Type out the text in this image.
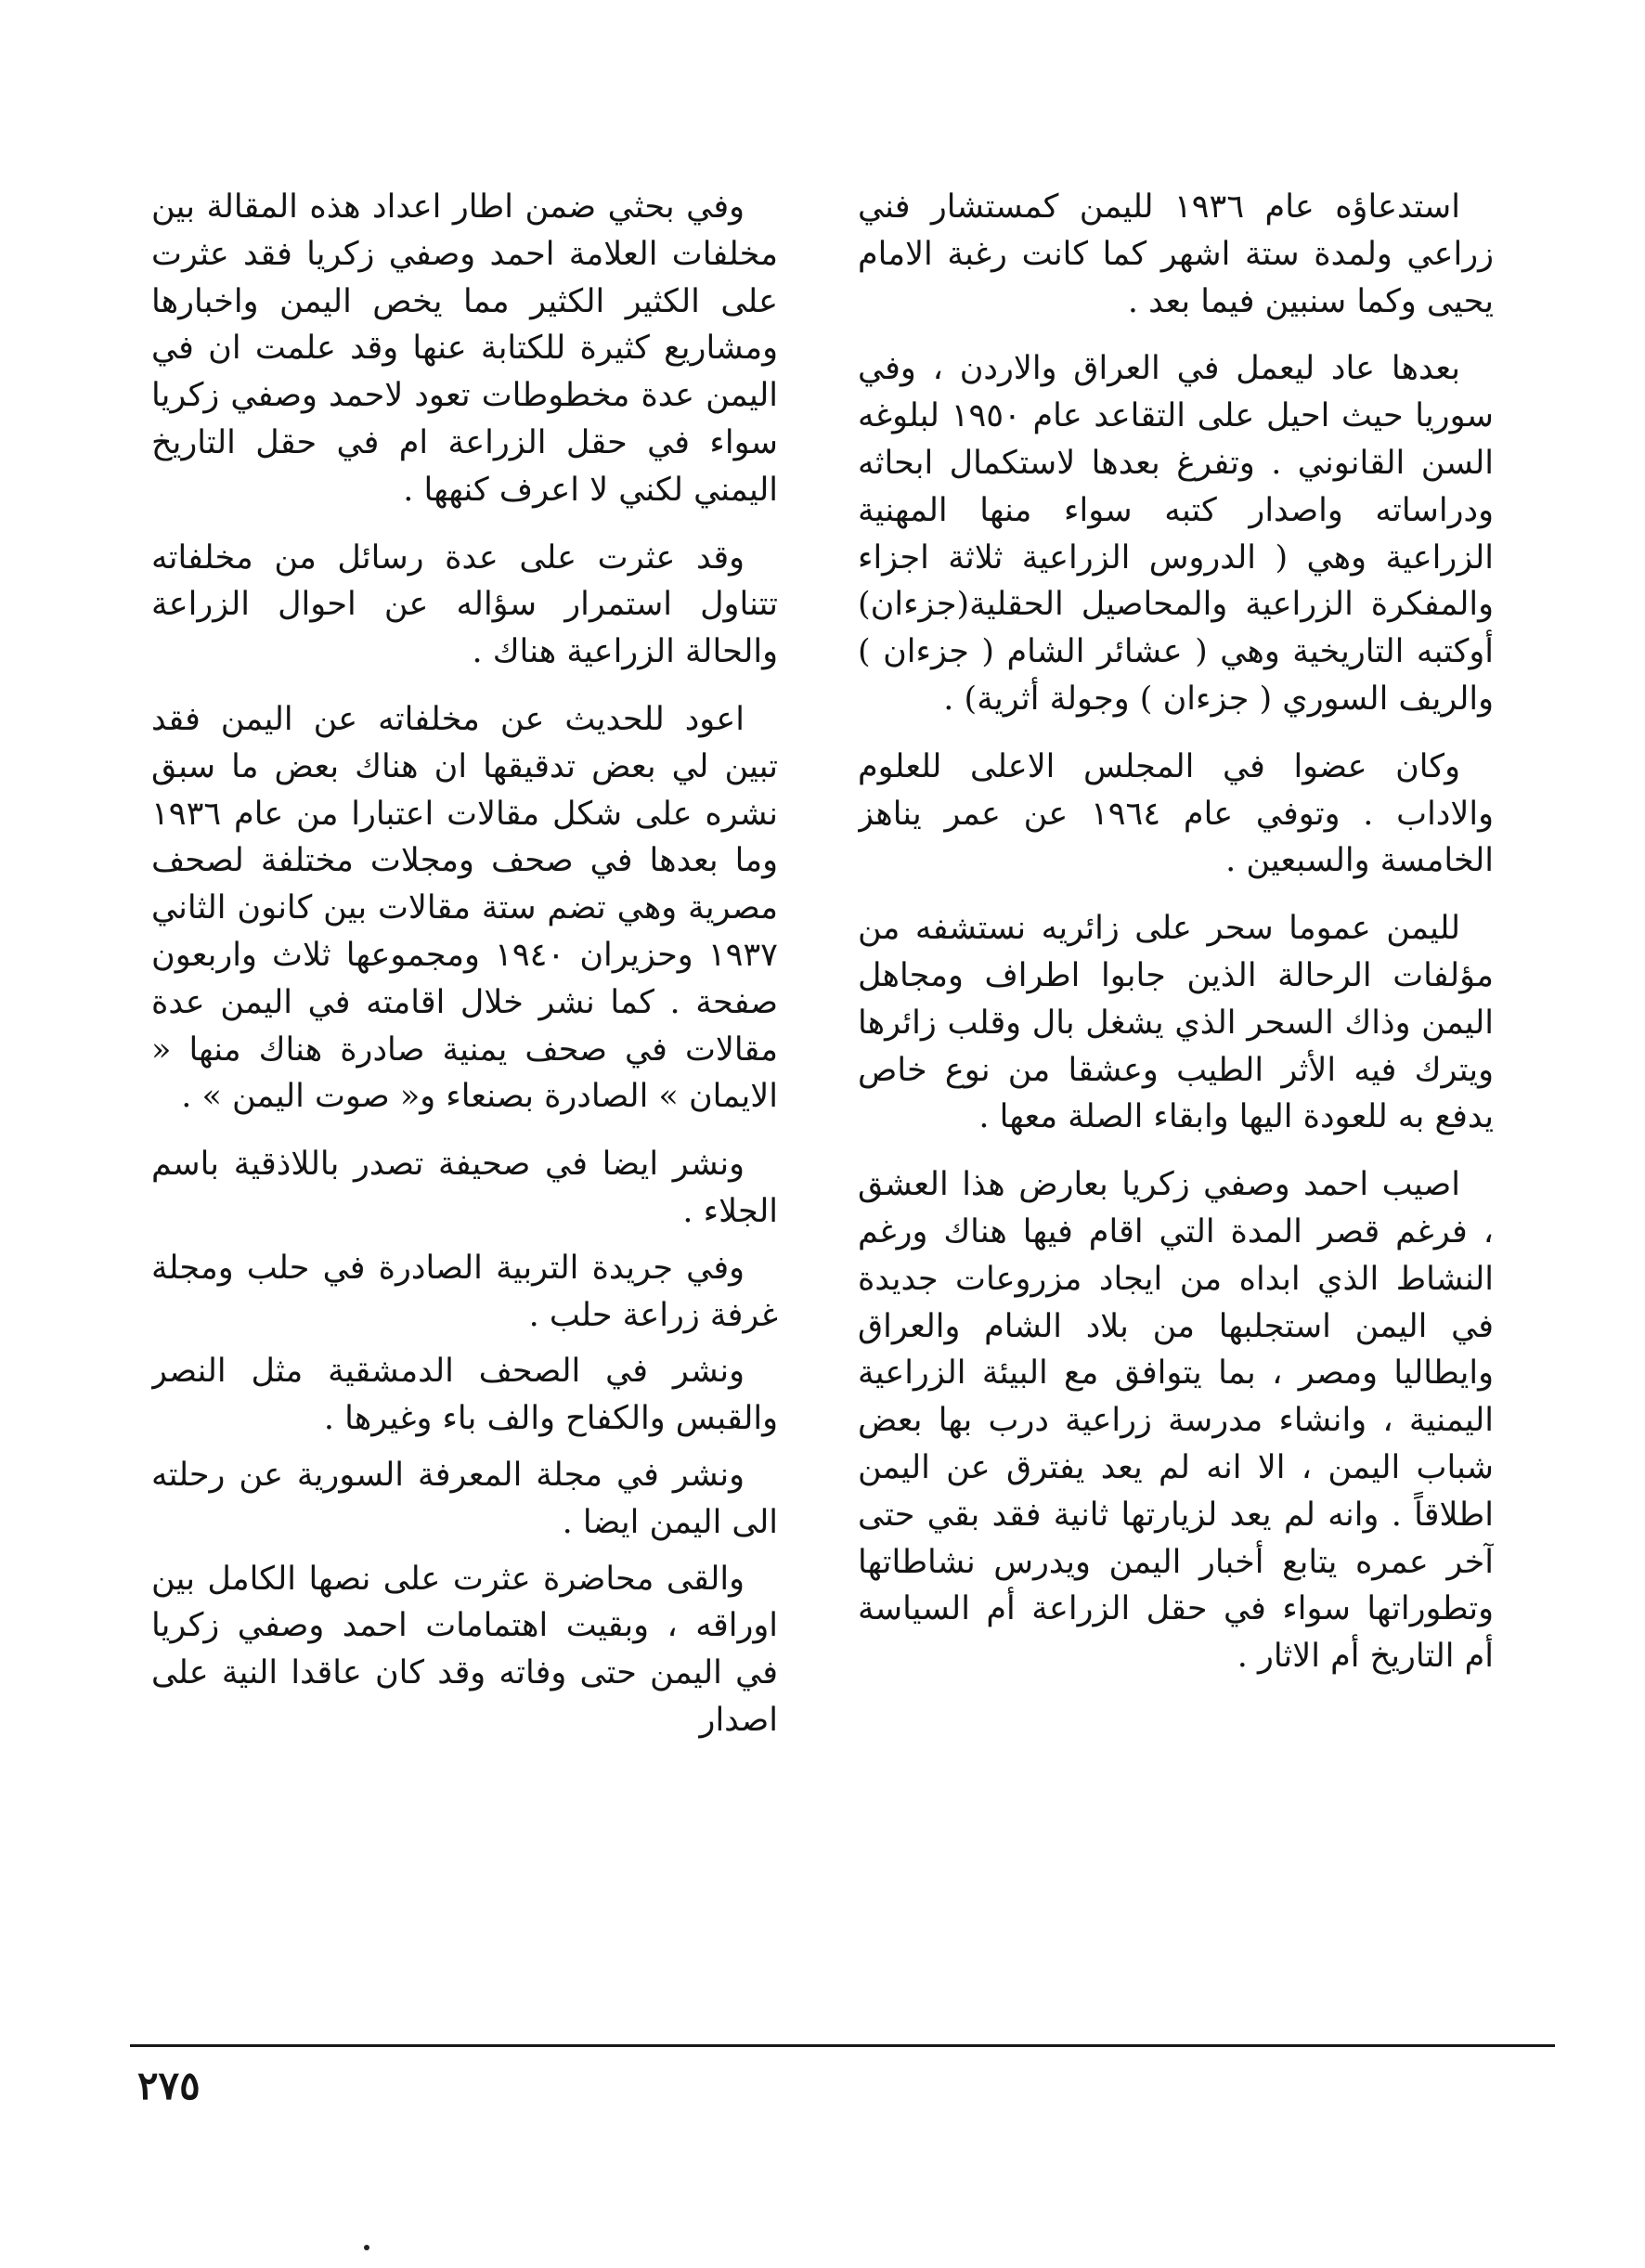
استدعاؤه عام ١٩٣٦ لليمن كمستشار فني زراعي ولمدة ستة اشهر كما كانت رغبة الامام يحيى وكما سنبين فيما بعد .

بعدها عاد ليعمل في العراق والاردن ، وفي سوريا حيث احيل على التقاعد عام ١٩٥٠ لبلوغه السن القانوني . وتفرغ بعدها لاستكمال ابحاثه ودراساته واصدار كتبه سواء منها المهنية الزراعية وهي ( الدروس الزراعية ثلاثة اجزاء والمفكرة الزراعية والمحاصيل الحقلية(جزءان) أوكتبه التاريخية وهي ( عشائر الشام ( جزءان ) والريف السوري ( جزءان ) وجولة أثرية) .

وكان عضوا في المجلس الاعلى للعلوم والاداب . وتوفي عام ١٩٦٤ عن عمر يناهز الخامسة والسبعين .

لليمن عموما سحر على زائريه نستشفه من مؤلفات الرحالة الذين جابوا اطراف ومجاهل اليمن وذاك السحر الذي يشغل بال وقلب زائرها ويترك فيه الأثر الطيب وعشقا من نوع خاص يدفع به للعودة اليها وابقاء الصلة معها .

اصيب احمد وصفي زكريا بعارض هذا العشق ، فرغم قصر المدة التي اقام فيها هناك ورغم النشاط الذي ابداه من ايجاد مزروعات جديدة في اليمن استجلبها من بلاد الشام والعراق وايطاليا ومصر ، بما يتوافق مع البيئة الزراعية اليمنية ، وانشاء مدرسة زراعية درب بها بعض شباب اليمن ، الا انه لم يعد يفترق عن اليمن اطلاقاً . وانه لم يعد لزيارتها ثانية فقد بقي حتى آخر عمره يتابع أخبار اليمن ويدرس نشاطاتها وتطوراتها سواء في حقل الزراعة أم السياسة أم التاريخ أم الاثار .

وفي بحثي ضمن اطار اعداد هذه المقالة بين مخلفات العلامة احمد وصفي زكريا فقد عثرت على الكثير الكثير مما يخص اليمن واخبارها ومشاريع كثيرة للكتابة عنها وقد علمت ان في اليمن عدة مخطوطات تعود لاحمد وصفي زكريا سواء في حقل الزراعة ام في حقل التاريخ اليمني لكني لا اعرف كنهها .

وقد عثرت على عدة رسائل من مخلفاته تتناول استمرار سؤاله عن احوال الزراعة والحالة الزراعية هناك .

اعود للحديث عن مخلفاته عن اليمن فقد تبين لي بعض تدقيقها ان هناك بعض ما سبق نشره على شكل مقالات اعتبارا من عام ١٩٣٦ وما بعدها في صحف ومجلات مختلفة لصحف مصرية وهي تضم ستة مقالات بين كانون الثاني ١٩٣٧ وحزيران ١٩٤٠ ومجموعها ثلاث واربعون صفحة . كما نشر خلال اقامته في اليمن عدة مقالات في صحف يمنية صادرة هناك منها « الايمان » الصادرة بصنعاء و« صوت اليمن » .

ونشر ايضا في صحيفة تصدر باللاذقية باسم الجلاء .

وفي جريدة التربية الصادرة في حلب ومجلة غرفة زراعة حلب .

ونشر في الصحف الدمشقية مثل النصر والقبس والكفاح والف باء وغيرها .

ونشر في مجلة المعرفة السورية عن رحلته الى اليمن ايضا .

والقى محاضرة عثرت على نصها الكامل بين اوراقه ، وبقيت اهتمامات احمد وصفي زكريا في اليمن حتى وفاته وقد كان عاقدا النية على اصدار

٢٧٥
